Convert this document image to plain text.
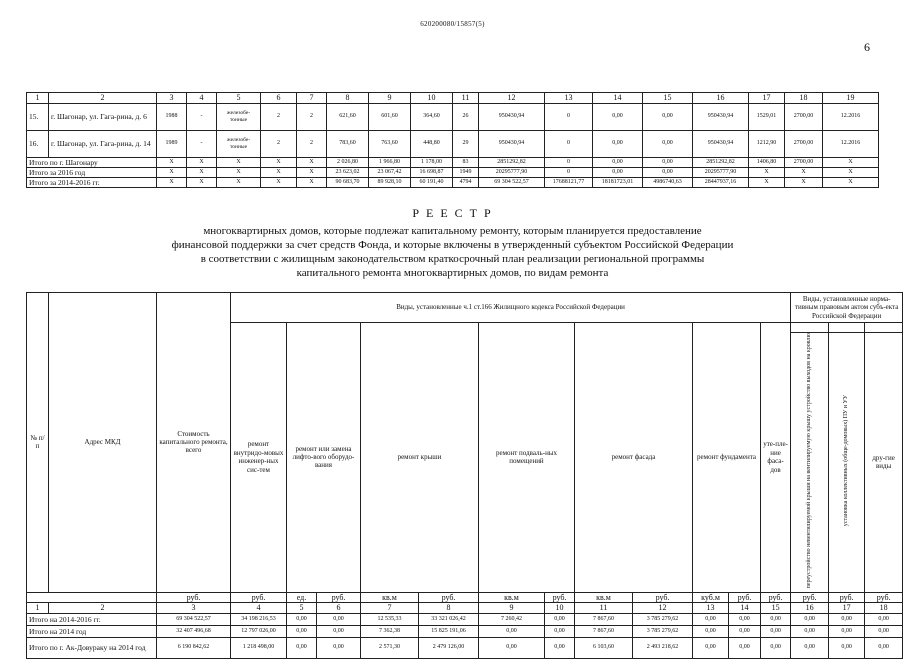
620200080/15857(5)
6
1	2	3	4	5	6	7	8	9	10	11	12	13	14	15	16	17	18	19
15.	г. Шагонар, ул. Гага-рина, д. 6	1988	-	железобе-тонные	2	2	621,60	601,60	364,60	26	950430,94	0	0,00	0,00	950430,94	1529,01	2700,00	12.2016
16.	г. Шагонар, ул. Гага-рина, д. 14	1989	-	железобе-тонные	2	2	783,60	763,60	448,80	29	950430,94	0	0,00	0,00	950430,94	1212,90	2700,00	12.2016
Итого по г. Шагонару		X	X	X	X	X	2 026,80	1 966,80	1 178,00	83	2851292,82	0	0,00	0,00	2851292,82	1406,80	2700,00	X
Итого за 2016 год		X	X	X	X	X	23 623,02	23 067,42	16 698,87	1949	20295777,90	0	0,00	0,00	20295777,90	X	X	X
Итого за 2014-2016 гг.		X	X	X	X	X	90 683,70	89 928,10	60 191,40	4794	69 304 522,57	17688121,77	18181723,01	4986740,63	28447937,16	X	X	X
Р Е Е С Т Р
многоквартирных домов, которые подлежат капитальному ремонту, которым планируется предоставление
финансовой поддержки за счет средств Фонда, и которые включены в утвержденный субъектом Российской Федерации
в соответствии с жилищным законодательством краткосрочный план реализации региональной программы
капитального ремонта многоквартирных домов, по видам ремонта
№ п/п	Адрес МКД	Стоимость капитального ремонта, всего	Виды, установленные ч.1 ст.166 Жилищного кодекса Российской Федерации												Виды, установленные норма-тивным правовым актом субъ-екта Российской Федерации		
			ремонт внутридо-мовых инженер-ных сис-тем	ремонт или замена лифто-вого оборудо-вания		ремонт крыши		ремонт подваль-ных помещений		ремонт фасада		ремонт фундамента		уте-пле-ние фаса-дов			
															переустройство невентилируемой крыши на вентилируемую крышу устройство выходов на кровлю	установка коллективных (обще-домовых) ПУ и УУ	дру-гие виды
		руб.	руб.	ед.	руб.	кв.м	руб.	кв.м	руб.	кв.м	руб.	куб.м	руб.	руб.	руб.	руб.	руб.
1	2	3	4	5	6	7	8	9	10	11	12	13	14	15	16	17	18
Итого на 2014-2016 гг.		69 304 522,57	34 198 216,53	0,00	0,00	12 535,33	33 321 026,42	7 260,42	0,00	7 867,60	3 785 279,62	0,00	0,00	0,00	0,00	0,00	0,00
Итого на 2014 год		32 407 496,68	12 797 026,00	0,00	0,00	7 362,38	15 825 191,06	0,00	0,00	7 867,60	3 785 279,62	0,00	0,00	0,00	0,00	0,00	0,00
Итого по г. Ак-Довураку на 2014 год		6 190 842,62	1 218 498,00	0,00	0,00	2 571,30	2 479 126,00	0,00	0,00	6 103,60	2 493 218,62	0,00	0,00	0,00	0,00	0,00	0,00
